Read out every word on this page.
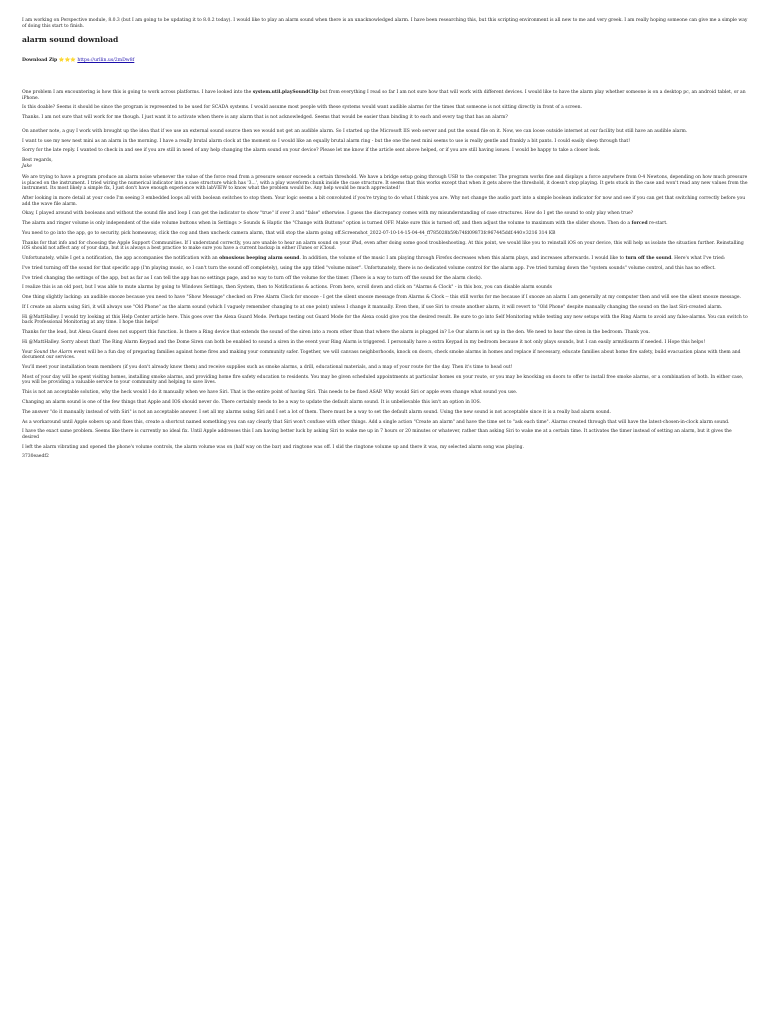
I am working on Perspective module, 8.0.3 (but I am going to be updating it to 8.0.2 today). I would like to play an alarm sound when there is an unacknowledged alarm. I have been researching this, but this scripting environment is all new to me and very greek. I am really hoping someone can give me a simple way of doing this start to finish.

alarm sound download
Download Zip ⭐⭐⭐ https://urllin.us/2mDw8f

One problem I am encountering is how this is going to work across platforms. I have looked into the system.util.playSoundClip but from everything I read so far I am not sure how that will work with different devices. I would like to have the alarm play whether someone is on a desktop pc, an android tablet, or an iPhone.

Is this doable? Seems it should be since the program is represented to be used for SCADA systems. I would assume most people with these systems would want audible alarms for the times that someone is not sitting directly in front of a screen.

Thanks. I am not sure that will work for me though. I just want it to activate when there is any alarm that is not acknowledged. Seems that would be easier than binding it to each and every tag that has an alarm?

On another note, a guy I work with brought up the idea that if we use an external sound source then we would not get an audible alarm. So I started up the Microsoft IIS web server and put the sound file on it. Now, we can loose outside internet at our facility but still have an audible alarm.

I want to use my new nest mini as an alarm in the morning. I have a really brutal alarm clock at the moment so I would like an equally brutal alarm ring - but the one the nest mini seems to use is really gentle and frankly a bit pants. I could easily sleep through that!

Sorry for the late reply. I wanted to check in and see if you are still in need of any help changing the alarm sound on your device? Please let me know if the article sent above helped, or if you are still having issues. I would be happy to take a closer look.

Best regards,
Jake

We are trying to have a program produce an alarm noise whenever the value of the force read from a pressure sensor exceeds a certain threshold. We have a bridge setup going through USB to the computer. The program works fine and displays a force anywhere from 0-4 Newtons, depending on how much pressure is placed on the instrument. I tried wiring the numerical indicator into a case structure which has '3...', with a play waveform chunk inside the case structure. It seems that this works except that when it gets above the threshold, it doesn't stop playing. It gets stuck in the case and won't read any new values from the instrument. Its most likely a simple fix, I just don't have enough experience with labVIEW to know what the problem would be. Any help would be much appreciated!

After looking in more detail at your code I'm seeing 3 embedded loops all with boolean switches to stop them. Your logic seems a bit convoluted if you're trying to do what I think you are. Why not change the audio part into a simple boolean indicator for now and see if you can get that switching correctly before you add the wave file alarm.

Okay, I played around with booleans and without the sound file and loop I can get the indicator to show "true" if over 3 and "false" otherwise. I guess the discrepancy comes with my misunderstanding of case structures. How do I get the sound to only play when true?

The alarm and ringer volume is only independent of the side volume buttons when in Settings > Sounds & Haptic the "Change with Buttons" option is turned OFF. Make sure this is turned off, and then adjust the volume to maximum with the slider shown. Then do a forced re-start.

You need to go into the app, go to security, pick homeaway, click the cog and then uncheck camera alarm, that will stop the alarm going off.Screenshot_2022-07-10-14-15-04-44_ff785028b59b74fd09873fc967445ddf.440×3216 314 KB

Thanks for that info and for choosing the Apple Support Communities. If I understand correctly, you are unable to hear an alarm sound on your iPad, even after doing some good troubleshooting. At this point, we would like you to reinstall iOS on your device, this will help us isolate the situation further. Reinstalling iOS should not affect any of your data, but it is always a best practice to make sure you have a current backup in either iTunes or iCloud.

Unfortunately, while I get a notification, the app accompanies the notification with an obnoxious beeping alarm sound. In addition, the volume of the music I am playing through Firefox decreases when this alarm plays, and increases afterwards. I would like to turn off the sound. Here's what I've tried:

I've tried turning off the sound for that specific app (I'm playing music, so I can't turn the sound off completely), using the app titled "volume mixer". Unfortunately, there is no dedicated volume control for the alarm app. I've tried turning down the "system sounds" volume control, and this has no effect.

I've tried changing the settings of the app, but as far as I can tell the app has no settings page, and no way to turn off the volume for the timer. (There is a way to turn off the sound for the alarm clock).

I realize this is an old post, but I was able to mute alarms by going to Windows Settings, then System, then to Notifications & actions. From here, scroll down and click on "Alarms & Clock" - in this box, you can disable alarm sounds

One thing slightly lacking: an audible snooze because you need to have "Show Message" checked on Free Alarm Clock for snooze - I get the silent snooze message from Alarms & Clock -- this still works for me because if I snooze an alarm I am generally at my computer then and will see the silent snooze message.

If I create an alarm using Siri, it will always use "Old Phone" as the alarm sound (which I vaguely remember changing to at one point) unless I change it manually. Even then, if use Siri to create another alarm, it will revert to "Old Phone" despite manually changing the sound on the last Siri-created alarm.

Hi @MattHalley. I would try looking at this Help Center article here. This goes over the Alexa Guard Mode. Perhaps testing out Guard Mode for the Alexa could give you the desired result. Be sure to go into Self Monitoring while testing any new setups with the Ring Alarm to avoid any false-alarms. You can switch to back Professional Monitoring at any time. I hope this helps!

Thanks for the lead, but Alexa Guard does not support this function. Is there a Ring device that extends the sound of the siren into a room other than that where the alarm is plugged in? I.e Our alarm is set up in the den. We need to hear the siren in the bedroom. Thank you.

Hi @MattHalley. Sorry about that! The Ring Alarm Keypad and the Dome Siren can both be enabled to sound a siren in the event your Ring Alarm is triggered. I personally have a extra Keypad in my bedroom because it not only plays sounds, but I can easily arm/disarm if needed. I Hope this helps!

Your Sound the Alarm event will be a fun day of preparing families against home fires and making your community safer. Together, we will canvass neighborhoods, knock on doors, check smoke alarms in homes and replace if necessary, educate families about home fire safety, build evacuation plans with them and document our services.

You'll meet your installation team members (if you don't already know them) and receive supplies such as smoke alarms, a drill, educational materials, and a map of your route for the day. Then it's time to head out!

Most of your day will be spent visiting homes, installing smoke alarms, and providing home fire safety education to residents. You may be given scheduled appointments at particular homes on your route, or you may be knocking on doors to offer to install free smoke alarms, or a combination of both. In either case, you will be providing a valuable service to your community and helping to save lives.

This is not an acceptable solution, why the heck would I do it manually when we have Siri. That is the entire point of having Siri. This needs to be fixed ASAP. Why would Siri or apple even change what sound you use.

Changing an alarm sound is one of the few things that Apple and IOS should never do. There certainly needs to be a way to update the default alarm sound. It is unbelievable this isn't an option in IOS.

The answer "do it manually instead of with Siri" is not an acceptable answer. I set all my alarms using Siri and I set a lot of them. There must be a way to set the default alarm sound. Using the new sound is not acceptable since it is a really bad alarm sound.

As a workaround until Apple sobers up and fixes this, create a shortcut named something you can say clearly that Siri won't confuse with other things. Add a single action "Create an alarm" and have the time set to "ask each time". Alarms created through that will have the latest-chosen-in-clock alarm sound.

I have the exact same problem. Seems like there is currently no ideal fix. Until Apple addresses this I am having better luck by asking Siri to wake me up in 7 hours or 20 minutes or whatever, rather than asking Siri to wake me at a certain time. It activates the timer instead of setting an alarm, but it gives the desired

I left the alarm vibrating and opened the phone's volume controls, the alarm volume was on (half way on the bar) and ringtone was off. I slid the ringtone volume up and there it was, my selected alarm song was playing.

3730eaedf2
